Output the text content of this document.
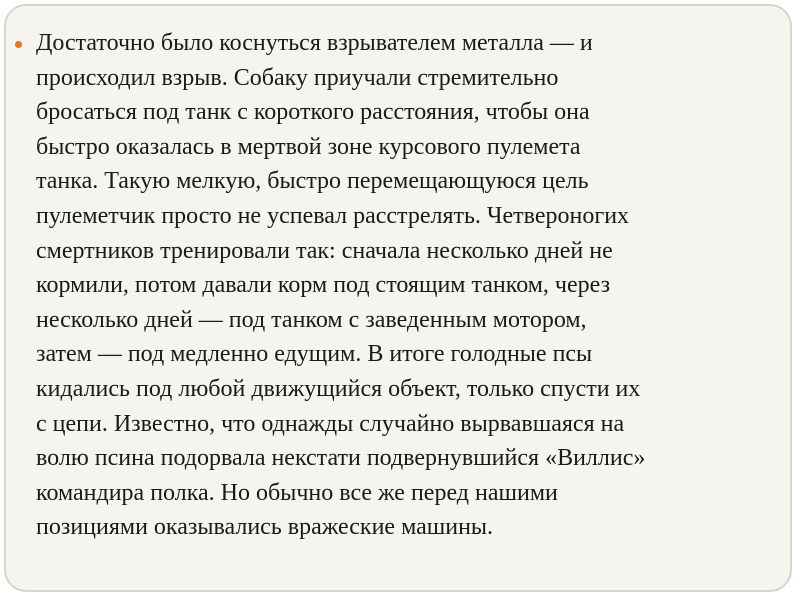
Достаточно было коснуться взрывателем металла — и
происходил взрыв. Собаку приучали стремительно
бросаться под танк с короткого расстояния, чтобы она
быстро оказалась в мертвой зоне курсового пулемета
танка. Такую мелкую, быстро перемещающуюся цель
пулеметчик просто не успевал расстрелять. Четвероногих
смертников тренировали так: сначала несколько дней не
кормили, потом давали корм под стоящим танком, через
несколько дней — под танком с заведенным мотором,
затем — под медленно едущим. В итоге голодные псы
кидались под любой движущийся объект, только спусти их
с цепи. Известно, что однажды случайно вырвавшаяся на
волю псина подорвала некстати подвернувшийся «Виллис»
командира полка. Но обычно все же перед нашими
позициями оказывались вражеские машины.
